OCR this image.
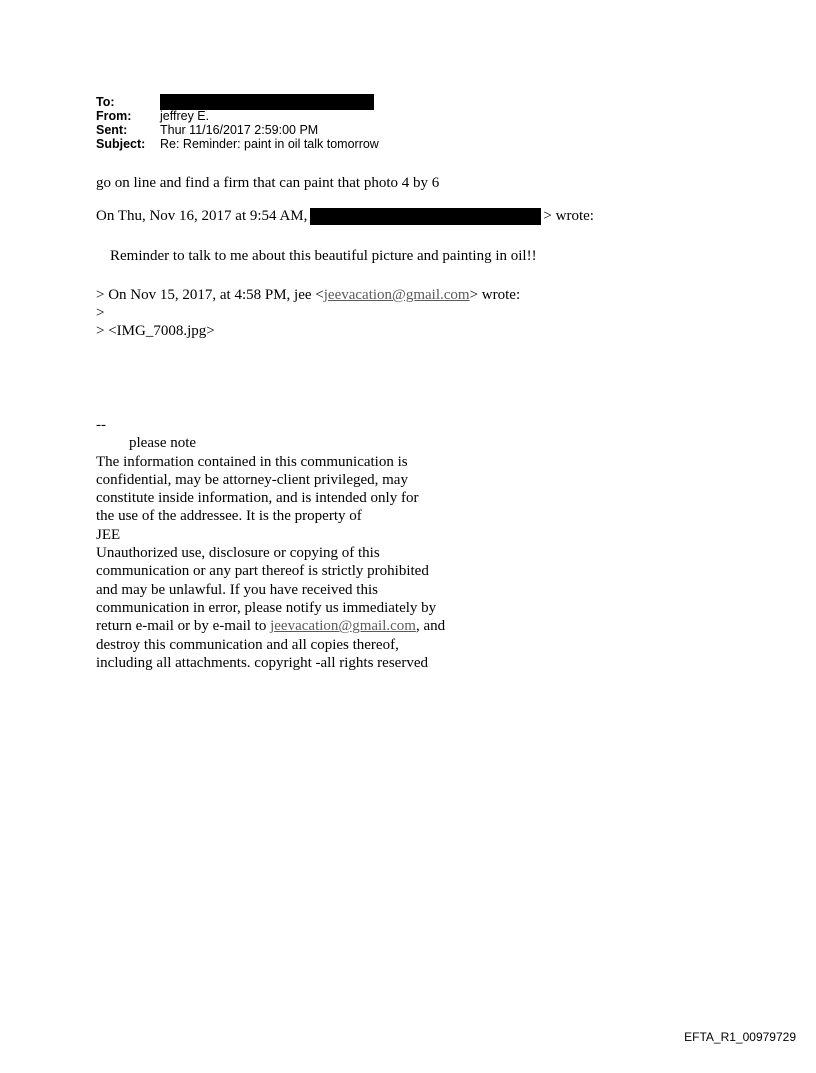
To:
From:	jeffrey E.
Sent:	Thur 11/16/2017 2:59:00 PM
Subject:	Re: Reminder: paint in oil talk tomorrow
go on line and find a firm that can paint that photo 4 by 6
On Thu, Nov 16, 2017 at 9:54 AM,	> wrote:
Reminder to talk to me about this beautiful picture and painting in oil!!
> On Nov 15, 2017, at 4:58 PM, jee <jeevacation@gmail.com> wrote:
>
> <IMG_7008.jpg>
--
please note
The information contained in this communication is
confidential, may be attorney-client privileged, may
constitute inside information, and is intended only for
the use of the addressee. It is the property of
JEE
Unauthorized use, disclosure or copying of this
communication or any part thereof is strictly prohibited
and may be unlawful. If you have received this
communication in error, please notify us immediately by
return e-mail or by e-mail to jeevacation@gmail.com, and
destroy this communication and all copies thereof,
including all attachments. copyright -all rights reserved
EFTA_R1_00979729
